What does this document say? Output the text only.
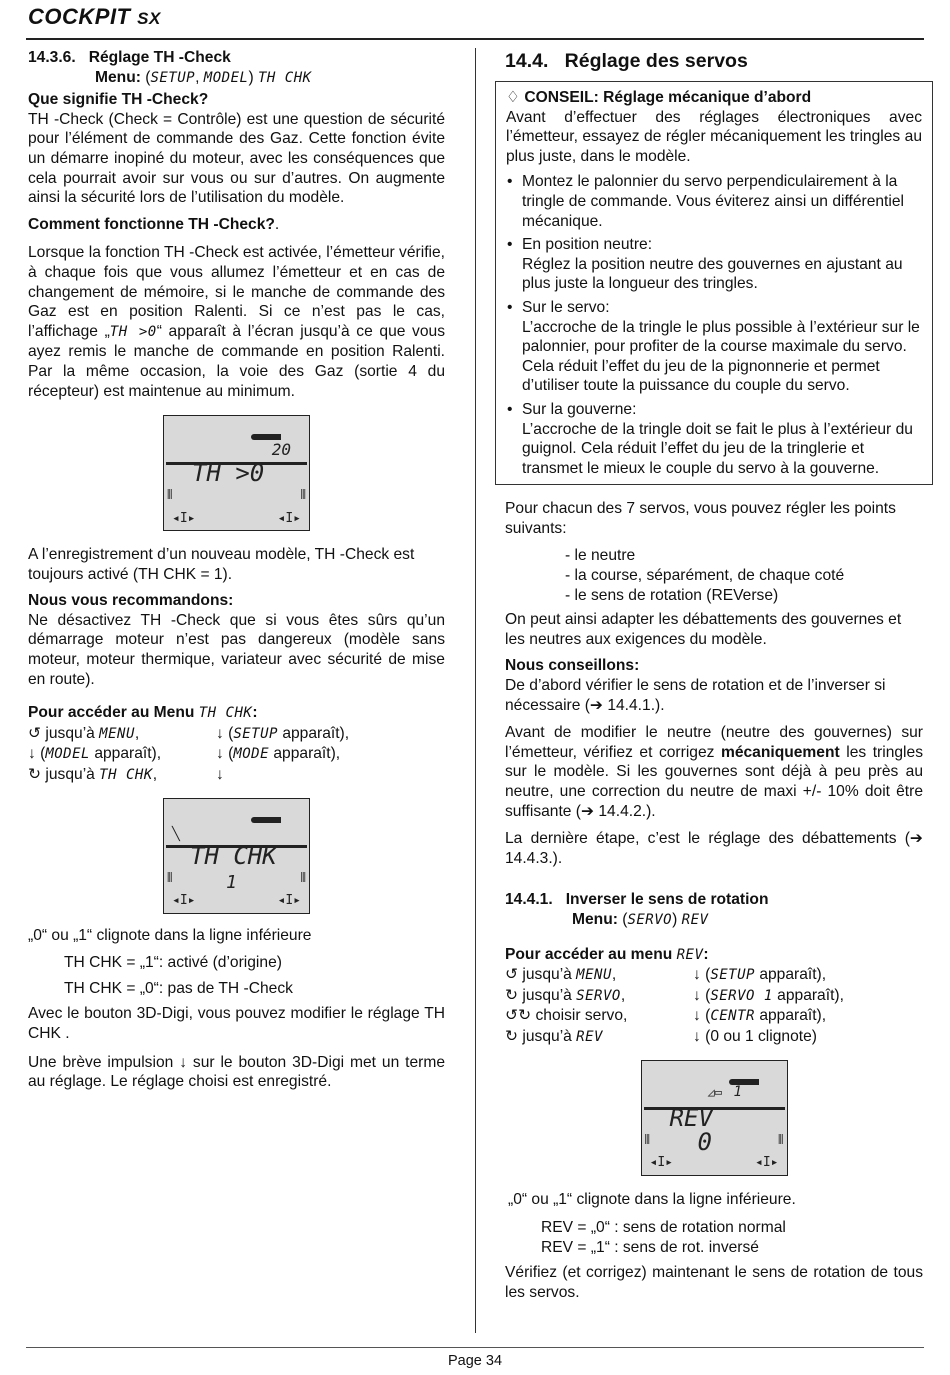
COCKPIT SX
14.3.6. Réglage TH -Check
Menu: (SETUP, MODEL) TH CHK
Que signifie TH -Check?

TH -Check (Check = Contrôle) est une question de sécurité pour l’élément de commande des Gaz. Cette fonction évite un démarre inopiné du moteur, avec les conséquences que cela pourrait avoir sur vous ou sur d’autres. On augmente ainsi la sécurité lors de l’utilisation du modèle.

Comment fonctionne TH -Check?.

Lorsque la fonction TH -Check est activée, l’émetteur vérifie, à chaque fois que vous allumez l’émetteur et en cas de changement de mémoire, si le manche de commande des Gaz est en position Ralenti. Si ce n’est pas le cas, l’affichage „TH >0“ apparaît à l’écran jusqu’à ce que vous ayez remis le manche de commande en position Ralenti. Par la même occasion, la voie des Gaz (sortie 4 du récepteur) est maintenue au minimum.

20
TH >0
⫴	⫴
◂I▸	◂I▸

A l’enregistrement d’un nouveau modèle, TH -Check est toujours activé (TH CHK = 1).

Nous vous recommandons:

Ne désactivez TH -Check que si vous êtes sûrs qu’un démarrage moteur n’est pas dangereux (modèle sans moteur, moteur thermique, variateur avec sécurité de mise en route).

Pour accéder au Menu TH CHK:
↺ jusqu’à MENU,	↓ (SETUP apparaît),
↓ (MODEL apparaît),	↓ (MODE apparaît),
↻ jusqu’à TH CHK,	↓
╲
TH CHK
1
⫴	⫴
◂I▸	◂I▸

„0“ ou „1“ clignote dans la ligne inférieure

TH CHK = „1“: activé (d’origine)
TH CHK = „0“: pas de TH -Check

Avec le bouton 3D-Digi, vous pouvez modifier le réglage TH CHK .

Une brève impulsion ↓ sur le bouton 3D-Digi met un terme au réglage. Le réglage choisi est enregistré.

14.4. Réglage des servos
♢ CONSEIL: Réglage mécanique d’abord

Avant d’effectuer des réglages électroniques avec l’émetteur, essayez de régler mécaniquement les tringles au plus juste, dans le modèle.

• Montez le palonnier du servo perpendiculairement à la tringle de commande. Vous éviterez ainsi un différentiel mécanique.
• En position neutre:
Réglez la position neutre des gouvernes en ajustant au plus juste la longueur des tringles.
• Sur le servo:
L’accroche de la tringle le plus possible à l’extérieur sur le palonnier, pour profiter de la course maximale du servo. Cela réduit l’effet du jeu de la pignonnerie et permet d’utiliser toute la puissance du couple du servo.
• Sur la gouverne:
L’accroche de la tringle doit se fait le plus à l’extérieur du guignol. Cela réduit l’effet du jeu de la tringlerie et transmet le mieux le couple du servo à la gouverne.

Pour chacun des 7 servos, vous pouvez régler les points suivants:

- le neutre
- la course, séparément, de chaque coté
- le sens de rotation (REVerse)

On peut ainsi adapter les débattements des gouvernes et les neutres aux exigences du modèle.

Nous conseillons:

De d’abord vérifier le sens de rotation et de l’inverser si nécessaire (➔ 14.4.1.).

Avant de modifier le neutre (neutre des gouvernes) sur l’émetteur, vérifiez et corrigez mécaniquement les tringles sur le modèle. Si les gouvernes sont déjà à peu près au neutre, une correction du neutre de maxi +/- 10% doit être suffisante (➔ 14.4.2.).

La dernière étape, c’est le réglage des débattements (➔ 14.4.3.).

14.4.1. Inverser le sens de rotation
Menu: (SERVO) REV
Pour accéder au menu REV:
↺ jusqu’à MENU,	↓ (SETUP apparaît),
↻ jusqu’à SERVO,	↓ (SERVO 1 apparaît),
↺↻ choisir servo,	↓ (CENTR apparaît),
↻ jusqu’à REV	↓ (0 ou 1 clignote)
◿▭ 1
REV
0
⫴	⫴
◂I▸	◂I▸

„0“ ou „1“ clignote dans la ligne inférieure.

REV = „0“ : sens de rotation normal
REV = „1“ : sens de rot. inversé

Vérifiez (et corrigez) maintenant le sens de rotation de tous les servos.

Page 34
